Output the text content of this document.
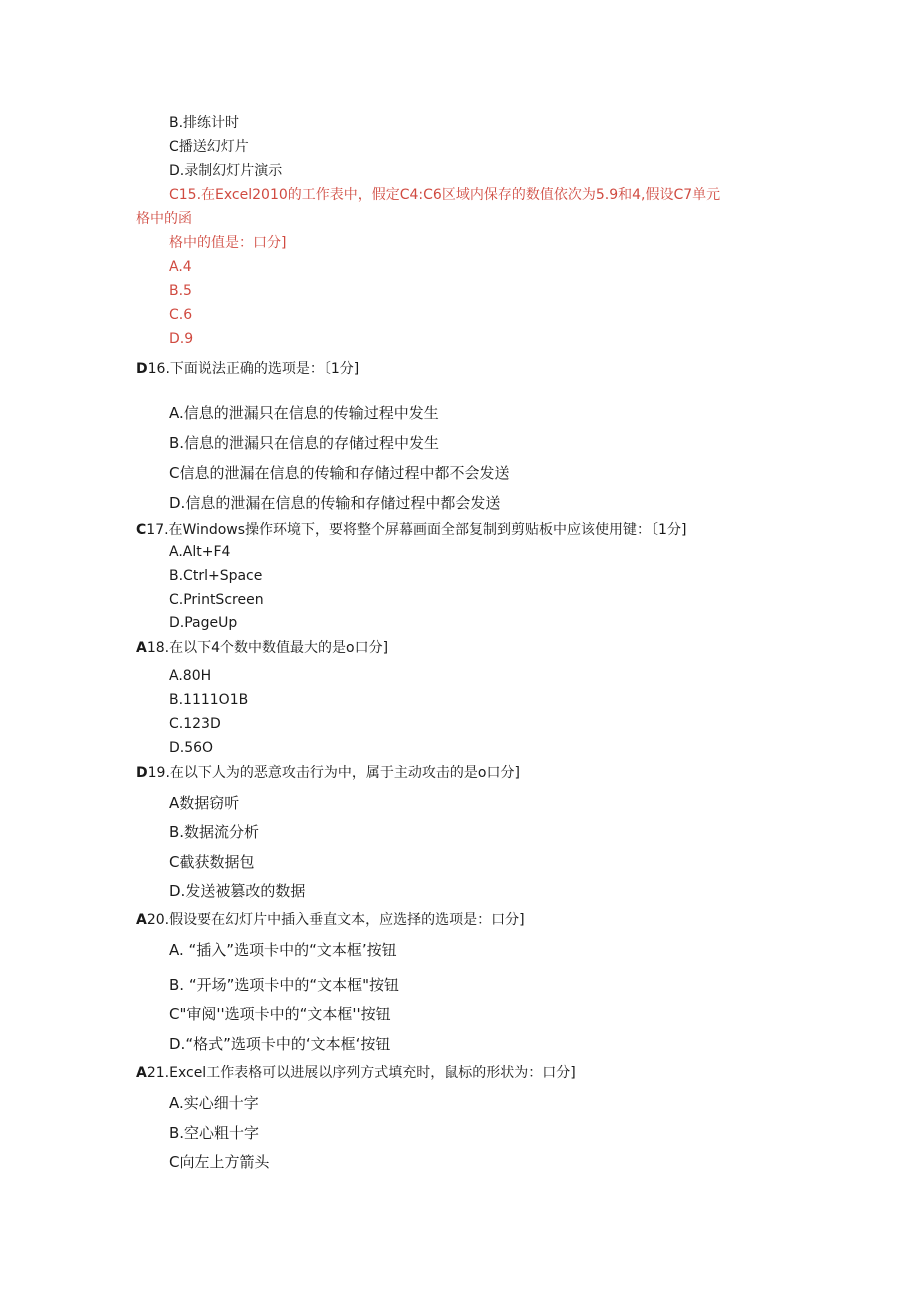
B.排练计时

C播送幻灯片

D.录制幻灯片演示

C15.在Excel2010的工作表中，假定C4:C6区域内保存的数值依次为5.9和4,假设C7单元

格中的函

格中的值是：口分]

A.4

B.5

C.6

D.9

D16.下面说法正确的选项是：〔1分]

A.信息的泄漏只在信息的传输过程中发生

B.信息的泄漏只在信息的存储过程中发生

C信息的泄漏在信息的传输和存储过程中都不会发送

D.信息的泄漏在信息的传输和存储过程中都会发送

C17.在Windows操作环境下，要将整个屏幕画面全部复制到剪贴板中应该使用键：〔1分]

A.Alt+F4

B.Ctrl+Space

C.PrintScreen

D.PageUp

A18.在以下4个数中数值最大的是o口分]

A.80H

B.1111O1B

C.123D

D.56O

D19.在以下人为的恶意攻击行为中，属于主动攻击的是o口分]

A数据窃听

B.数据流分析

C截获数据包

D.发送被篡改的数据

A20.假设要在幻灯片中插入垂直文本，应选择的选项是：口分]

A. “插入”选项卡中的“文本框’按钮

B. “开场”选项卡中的“文本框"按钮

C"审阅''选项卡中的“文本框''按钮

D.“格式”选项卡中的‘文本框‘按钮

A21.Excel工作表格可以进展以序列方式填充时，鼠标的形状为：口分]

A.实心细十字

B.空心粗十字

C向左上方箭头
